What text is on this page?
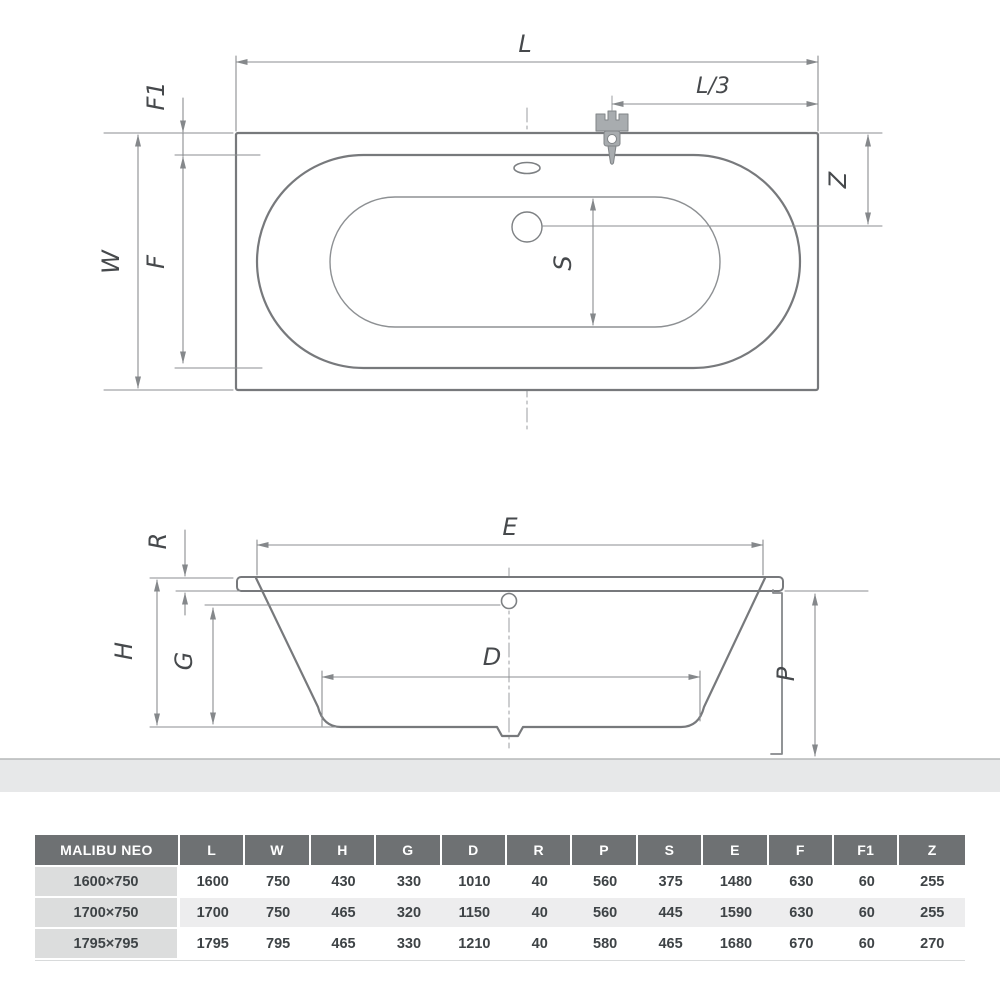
L
L/3
F1
W F
Z
S
E
R
H
G	D
P
MALIBU NEO	L	W	H	G	D	R	P	S	E	F	F1	Z
1600×750	1600	750	430	330	1010	40	560	375	1480	630	60	255
1700×750	1700	750	465	320	1150	40	560	445	1590	630	60	255
1795×795	1795	795	465	330	1210	40	580	465	1680	670	60	270
